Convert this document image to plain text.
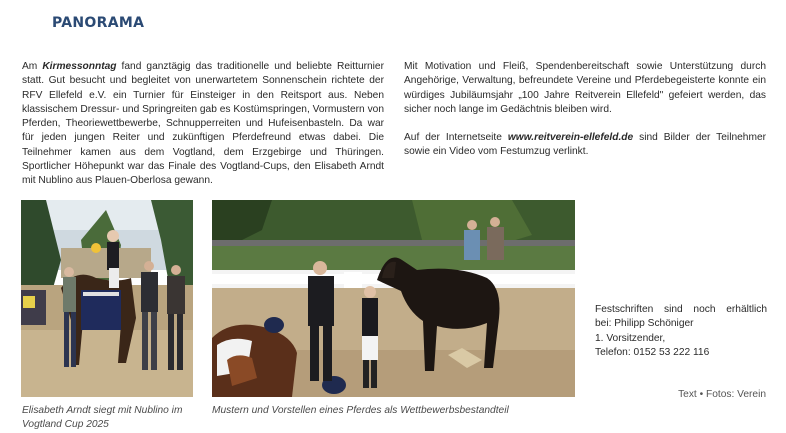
PANORAMA

Am Kirmessonntag fand ganztägig das traditionelle und beliebte Reitturnier statt. Gut besucht und begleitet von unerwartetem Sonnenschein richtete der RFV Ellefeld e.V. ein Turnier für Einsteiger in den Reitsport aus. Neben klassischem Dressur- und Springreiten gab es Kostümspringen, Vormustern von Pferden, Theoriewettbewerbe, Schnupperreiten und Hufeisenbasteln. Da war für jeden jungen Reiter und zukünftigen Pferdefreund etwas dabei. Die Teilnehmer kamen aus dem Vogtland, dem Erzgebirge und Thüringen. Sportlicher Höhepunkt war das Finale des Vogtland-Cups, den Elisabeth Arndt mit Nublino aus Plauen-Oberlosa gewann.

Mit Motivation und Fleiß, Spendenbereitschaft sowie Unterstützung durch Angehörige, Verwaltung, befreundete Vereine und Pferdebegeisterte konnte ein würdiges Jubiläumsjahr „100 Jahre Reitverein Ellefeld" gefeiert werden, das sicher noch lange im Gedächtnis bleiben wird.

Auf der Internetseite www.reitverein-ellefeld.de sind Bilder der Teilnehmer sowie ein Video vom Festumzug verlinkt.

Elisabeth Arndt siegt mit Nublino im Vogtland Cup 2025
Mustern und Vorstellen eines Pferdes als Wettbewerbsbestandteil
Festschriften sind noch erhältlich
bei: Philipp Schöniger
1. Vorsitzender,
Telefon: 0152 53 222 116
Text • Fotos: Verein
